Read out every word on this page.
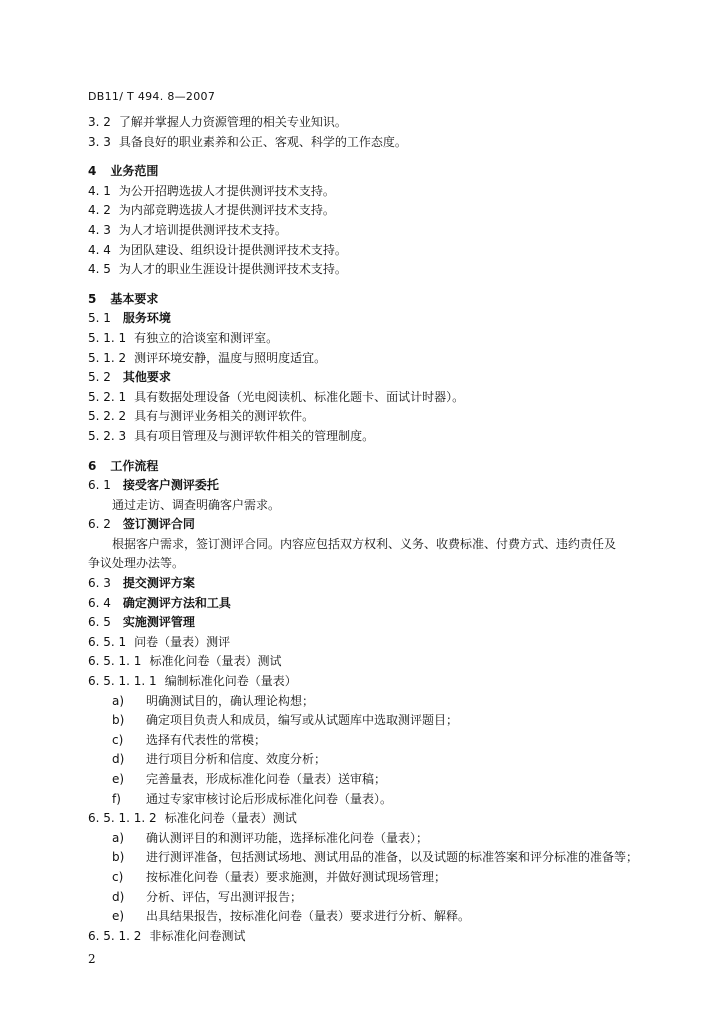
DB11/ T 494. 8—2007
3. 2 了解并掌握人力资源管理的相关专业知识。
3. 3 具备良好的职业素养和公正、客观、科学的工作态度。
4 业务范围
4. 1 为公开招聘选拔人才提供测评技术支持。
4. 2 为内部竞聘选拔人才提供测评技术支持。
4. 3 为人才培训提供测评技术支持。
4. 4 为团队建设、组织设计提供测评技术支持。
4. 5 为人才的职业生涯设计提供测评技术支持。
5 基本要求
5. 1 服务环境
5. 1. 1 有独立的洽谈室和测评室。
5. 1. 2 测评环境安静，温度与照明度适宜。
5. 2 其他要求
5. 2. 1 具有数据处理设备（光电阅读机、标准化题卡、面试计时器）。
5. 2. 2 具有与测评业务相关的测评软件。
5. 2. 3 具有项目管理及与测评软件相关的管理制度。
6 工作流程
6. 1 接受客户测评委托
通过走访、调查明确客户需求。
6. 2 签订测评合同
根据客户需求，签订测评合同。内容应包括双方权利、义务、收费标准、付费方式、违约责任及
争议处理办法等。
6. 3 提交测评方案
6. 4 确定测评方法和工具
6. 5 实施测评管理
6. 5. 1 问卷（量表）测评
6. 5. 1. 1 标准化问卷（量表）测试
6. 5. 1. 1. 1 编制标准化问卷（量表）
a) 明确测试目的，确认理论构想；
b) 确定项目负责人和成员，编写或从试题库中选取测评题目；
c) 选择有代表性的常模；
d) 进行项目分析和信度、效度分析；
e) 完善量表，形成标准化问卷（量表）送审稿；
f) 通过专家审核讨论后形成标准化问卷（量表）。
6. 5. 1. 1. 2 标准化问卷（量表）测试
a) 确认测评目的和测评功能，选择标准化问卷（量表）；
b) 进行测评准备，包括测试场地、测试用品的准备，以及试题的标准答案和评分标准的准备等；
c) 按标准化问卷（量表）要求施测，并做好测试现场管理；
d) 分析、评估，写出测评报告；
e) 出具结果报告，按标准化问卷（量表）要求进行分析、解释。
6. 5. 1. 2 非标准化问卷测试
2
